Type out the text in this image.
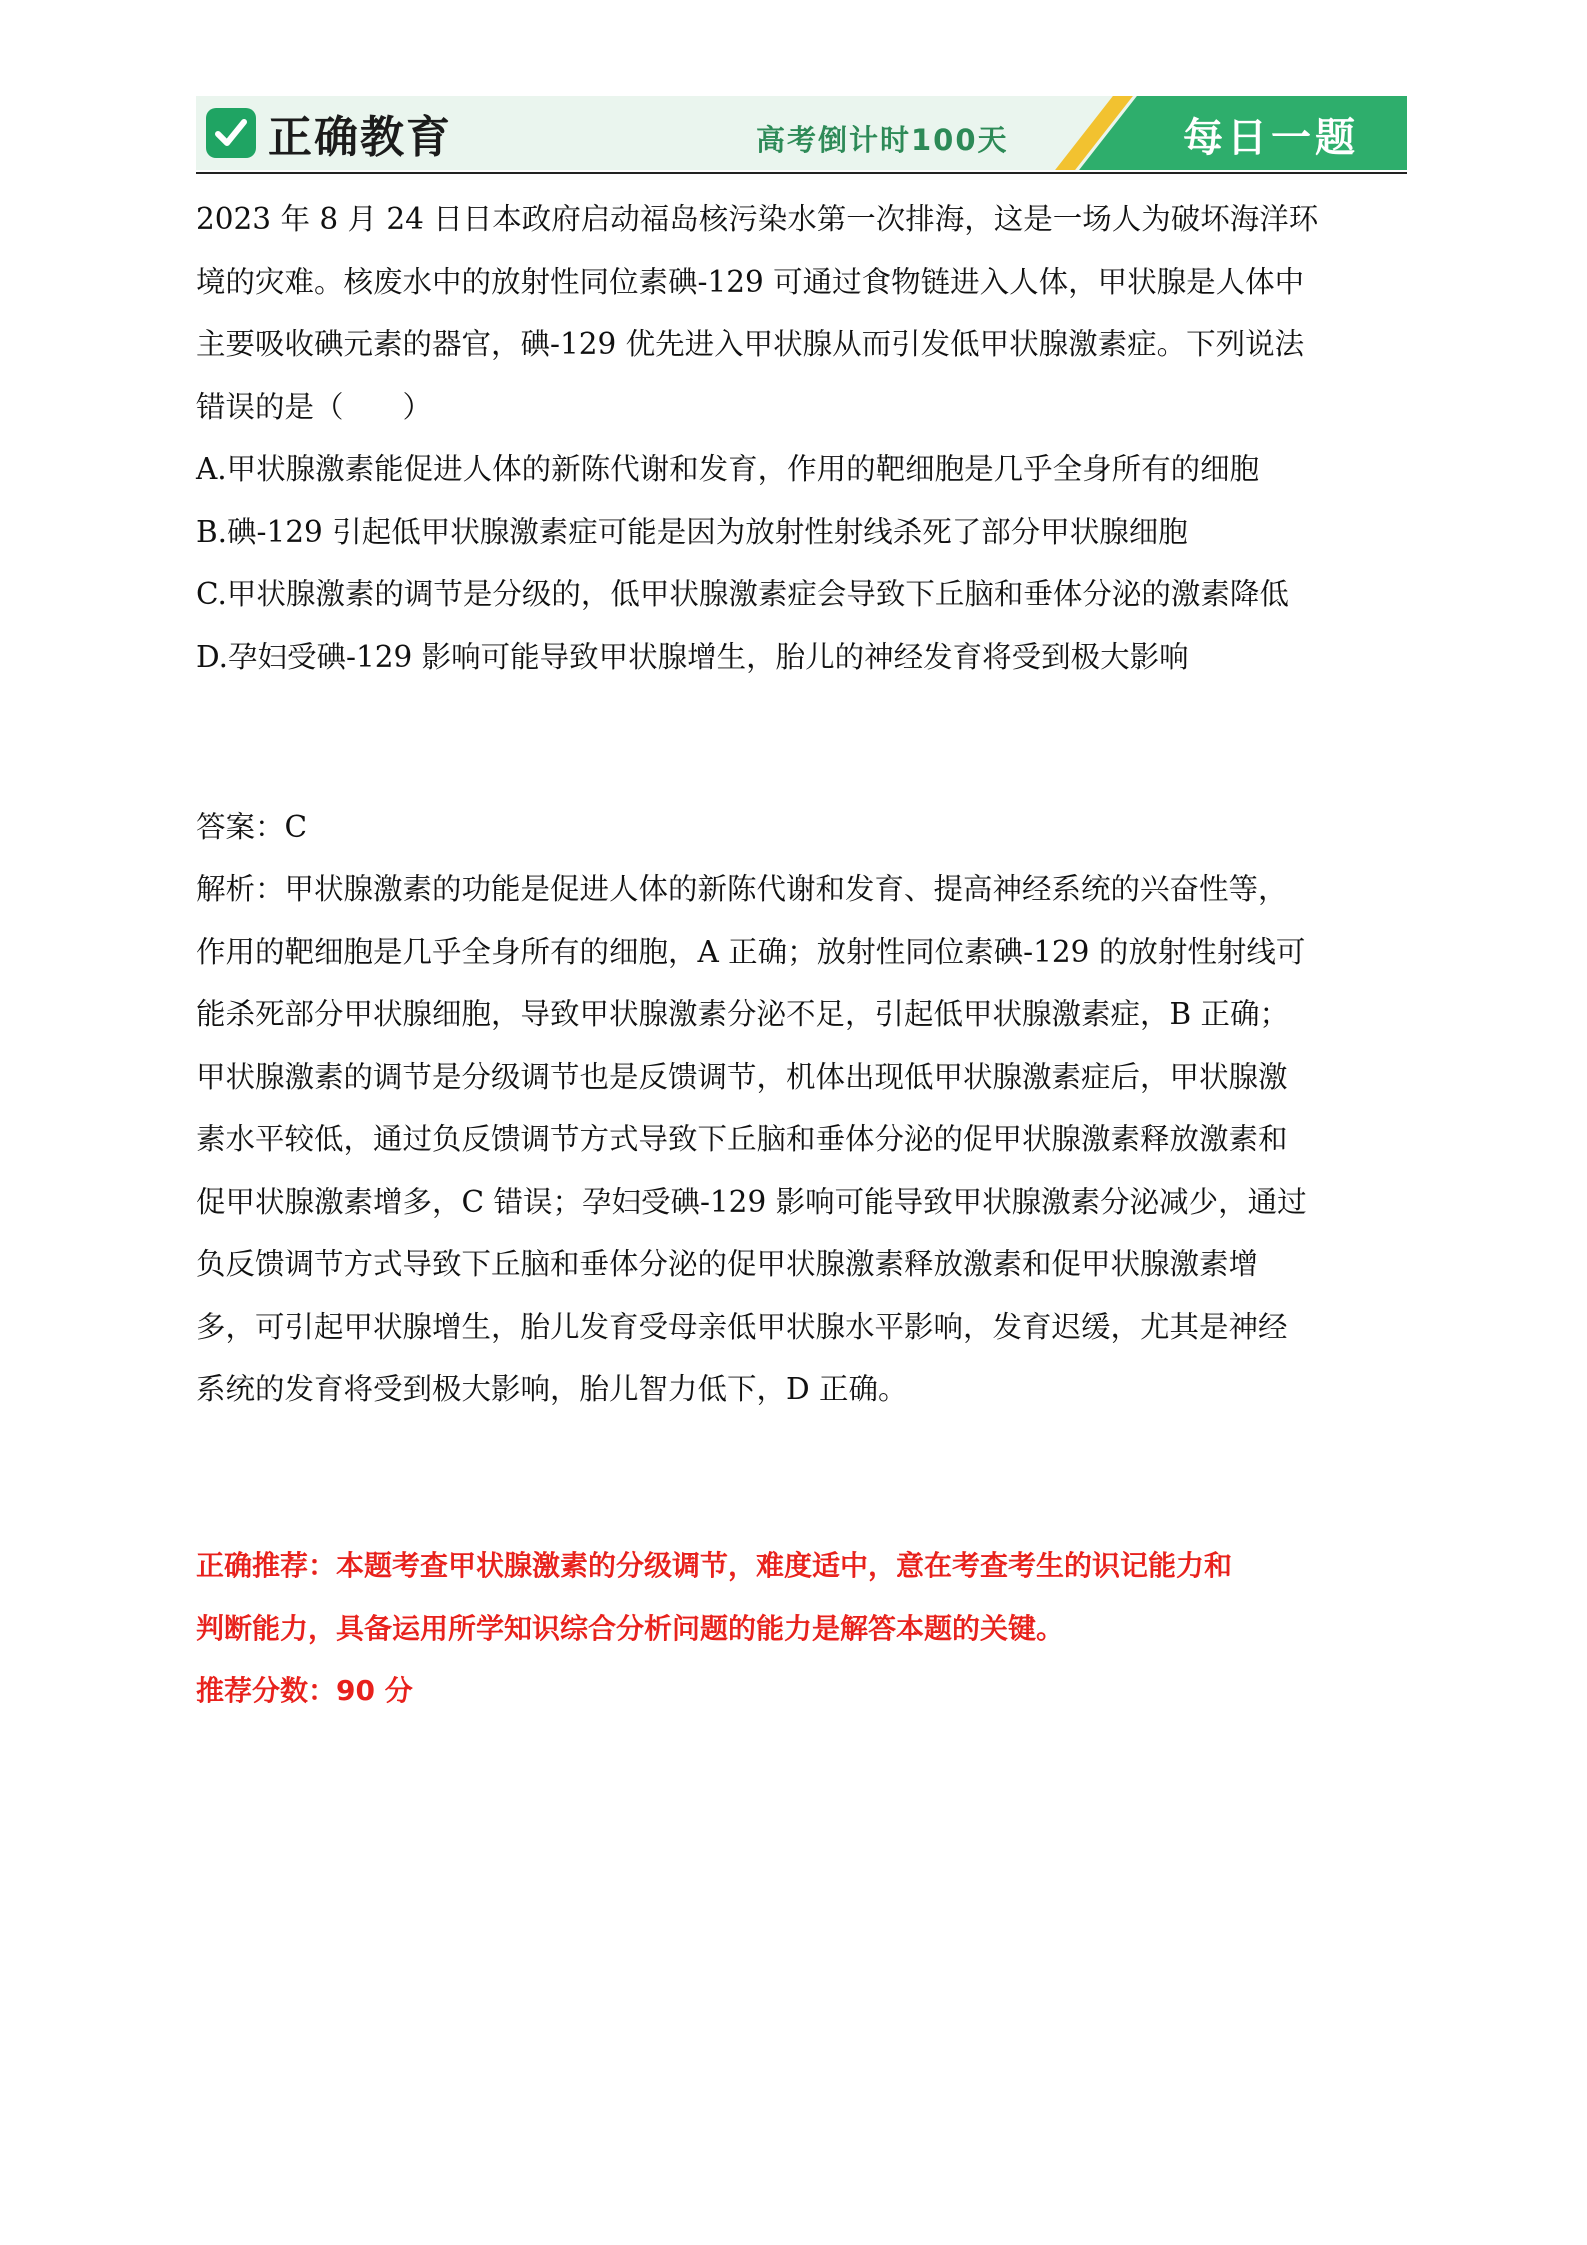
正确教育	高考倒计时100天	每日一题
2023 年 8 月 24 日日本政府启动福岛核污染水第一次排海，这是一场人为破坏海洋环
境的灾难。核废水中的放射性同位素碘-129 可通过食物链进入人体，甲状腺是人体中
主要吸收碘元素的器官，碘-129 优先进入甲状腺从而引发低甲状腺激素症。下列说法
错误的是（　　）
A.甲状腺激素能促进人体的新陈代谢和发育，作用的靶细胞是几乎全身所有的细胞
B.碘-129 引起低甲状腺激素症可能是因为放射性射线杀死了部分甲状腺细胞
C.甲状腺激素的调节是分级的，低甲状腺激素症会导致下丘脑和垂体分泌的激素降低
D.孕妇受碘-129 影响可能导致甲状腺增生，胎儿的神经发育将受到极大影响
答案：C
解析：甲状腺激素的功能是促进人体的新陈代谢和发育、提高神经系统的兴奋性等，
作用的靶细胞是几乎全身所有的细胞，A 正确；放射性同位素碘-129 的放射性射线可
能杀死部分甲状腺细胞，导致甲状腺激素分泌不足，引起低甲状腺激素症，B 正确；
甲状腺激素的调节是分级调节也是反馈调节，机体出现低甲状腺激素症后，甲状腺激
素水平较低，通过负反馈调节方式导致下丘脑和垂体分泌的促甲状腺激素释放激素和
促甲状腺激素增多，C 错误；孕妇受碘-129 影响可能导致甲状腺激素分泌减少，通过
负反馈调节方式导致下丘脑和垂体分泌的促甲状腺激素释放激素和促甲状腺激素增
多，可引起甲状腺增生，胎儿发育受母亲低甲状腺水平影响，发育迟缓，尤其是神经
系统的发育将受到极大影响，胎儿智力低下，D 正确。
正确推荐：本题考查甲状腺激素的分级调节，难度适中，意在考查考生的识记能力和
判断能力，具备运用所学知识综合分析问题的能力是解答本题的关键。
推荐分数：90 分
